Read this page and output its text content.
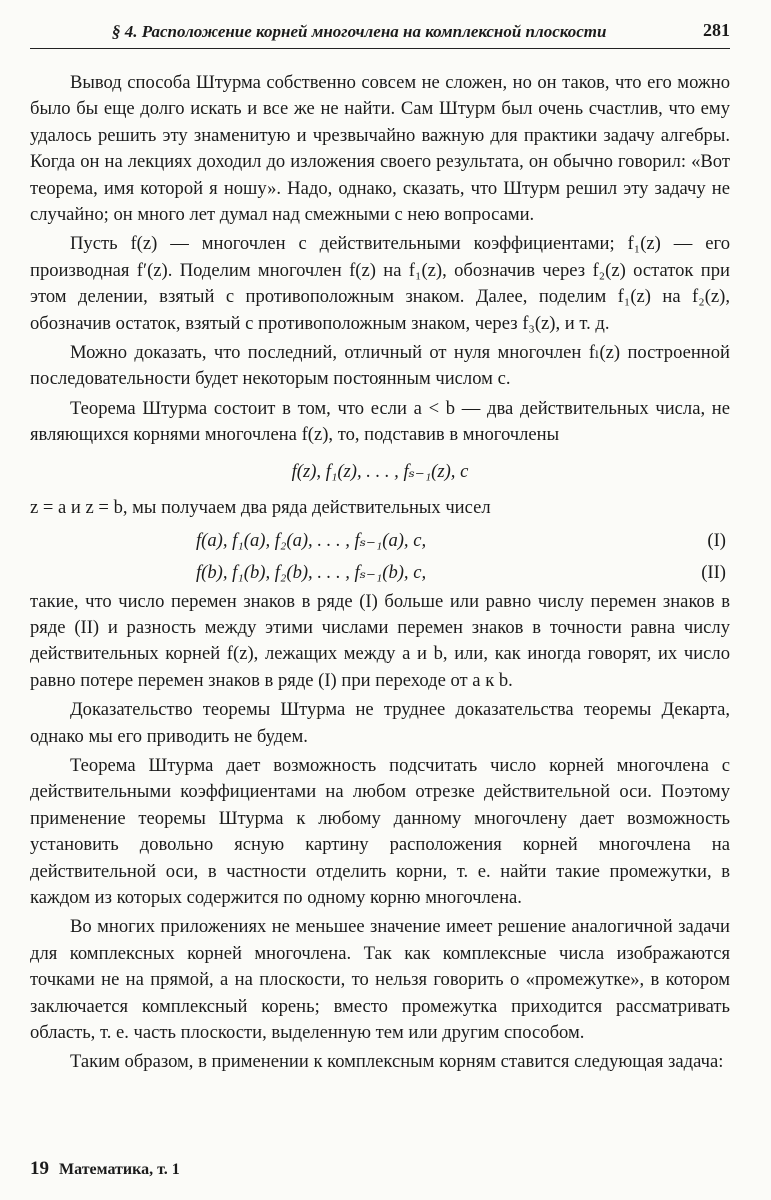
§ 4. Расположение корней многочлена на комплексной плоскости	281

Вывод способа Штурма собственно совсем не сложен, но он таков, что его можно было бы еще долго искать и все же не найти. Сам Штурм был очень счастлив, что ему удалось решить эту знаменитую и чрезвычайно важную для практики задачу алгебры. Когда он на лекциях доходил до изложения своего результата, он обычно говорил: «Вот теорема, имя которой я ношу». Надо, однако, сказать, что Штурм решил эту задачу не случайно; он много лет думал над смежными с нею вопросами.

Пусть f(z) — многочлен с действительными коэффициентами; f₁(z) — его производная f′(z). Поделим многочлен f(z) на f₁(z), обозначив через f₂(z) остаток при этом делении, взятый с противоположным знаком. Далее, поделим f₁(z) на f₂(z), обозначив остаток, взятый с противоположным знаком, через f₃(z), и т. д.

Можно доказать, что последний, отличный от нуля многочлен fₗ(z) построенной последовательности будет некоторым постоянным числом c.

Теорема Штурма состоит в том, что если a < b — два действительных числа, не являющихся корнями многочлена f(z), то, подставив в многочлены

f(z), f₁(z), . . . , fₛ₋₁(z), c

z = a и z = b, мы получаем два ряда действительных чисел

f(a), f₁(a), f₂(a), . . . , fₛ₋₁(a), c,	(I)
f(b), f₁(b), f₂(b), . . . , fₛ₋₁(b), c,	(II)

такие, что число перемен знаков в ряде (I) больше или равно числу перемен знаков в ряде (II) и разность между этими числами перемен знаков в точности равна числу действительных корней f(z), лежащих между a и b, или, как иногда говорят, их число равно потере перемен знаков в ряде (I) при переходе от a к b.

Доказательство теоремы Штурма не труднее доказательства теоремы Декарта, однако мы его приводить не будем.

Теорема Штурма дает возможность подсчитать число корней многочлена с действительными коэффициентами на любом отрезке действительной оси. Поэтому применение теоремы Штурма к любому данному многочлену дает возможность установить довольно ясную картину расположения корней многочлена на действительной оси, в частности отделить корни, т. е. найти такие промежутки, в каждом из которых содержится по одному корню многочлена.

Во многих приложениях не меньшее значение имеет решение аналогичной задачи для комплексных корней многочлена. Так как комплексные числа изображаются точками не на прямой, а на плоскости, то нельзя говорить о «промежутке», в котором заключается комплексный корень; вместо промежутка приходится рассматривать область, т. е. часть плоскости, выделенную тем или другим способом.

Таким образом, в применении к комплексным корням ставится следующая задача:

19 Математика, т. 1
